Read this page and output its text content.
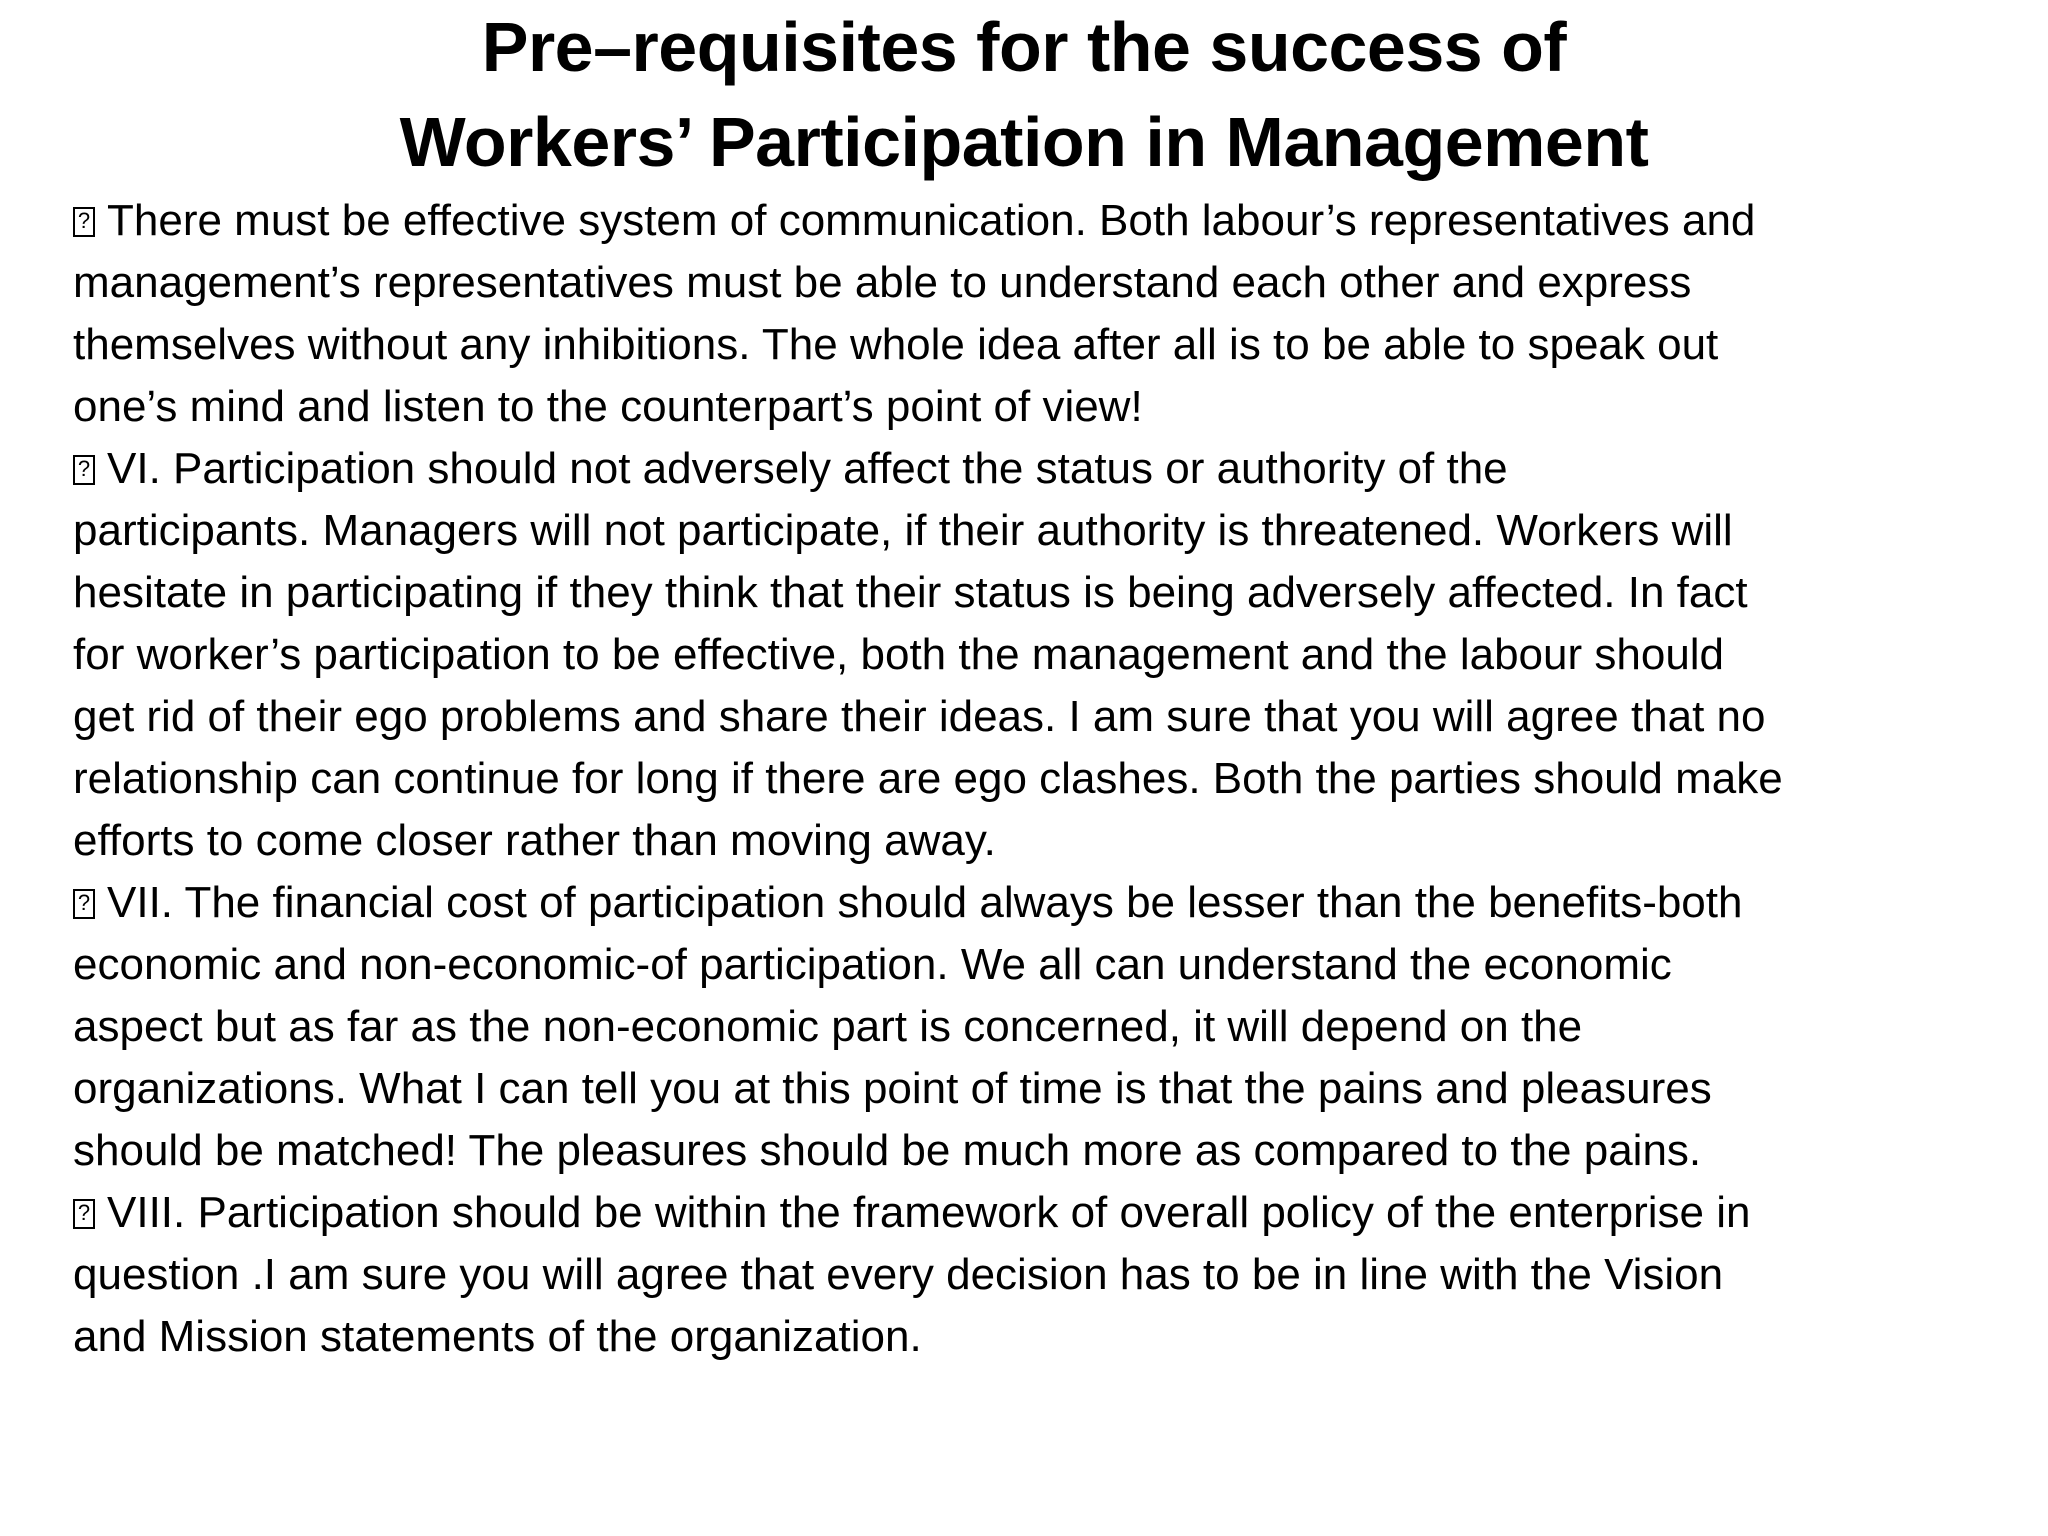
Pre–requisites for the success of
Workers’ Participation in Management

?There must be effective system of communication. Both labour’s representatives and
management’s representatives must be able to understand each other and express
themselves without any inhibitions. The whole idea after all is to be able to speak out
one’s mind and listen to the counterpart’s point of view!

?VI. Participation should not adversely affect the status or authority of the
participants. Managers will not participate, if their authority is threatened. Workers will
hesitate in participating if they think that their status is being adversely affected. In fact
for worker’s participation to be effective, both the management and the labour should
get rid of their ego problems and share their ideas. I am sure that you will agree that no
relationship can continue for long if there are ego clashes. Both the parties should make
efforts to come closer rather than moving away.

?VII. The financial cost of participation should always be lesser than the benefits-both
economic and non-economic-of participation. We all can understand the economic
aspect but as far as the non-economic part is concerned, it will depend on the
organizations. What I can tell you at this point of time is that the pains and pleasures
should be matched! The pleasures should be much more as compared to the pains.

?VIII. Participation should be within the framework of overall policy of the enterprise in
question .I am sure you will agree that every decision has to be in line with the Vision
and Mission statements of the organization.
